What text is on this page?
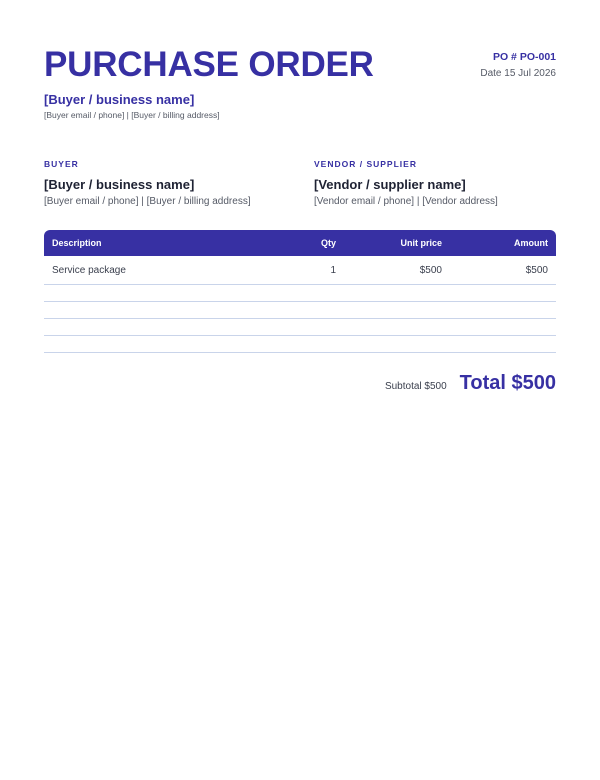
PURCHASE ORDER	PO # PO-001
Date 15 Jul 2026
[Buyer / business name]
[Buyer email / phone] | [Buyer / billing address]
BUYER
[Buyer / business name]
[Buyer email / phone] | [Buyer / billing address]
VENDOR / SUPPLIER
[Vendor / supplier name]
[Vendor email / phone] | [Vendor address]
Description	Qty	Unit price	Amount
Service package	1	$500	$500
Subtotal $500 Total $500
